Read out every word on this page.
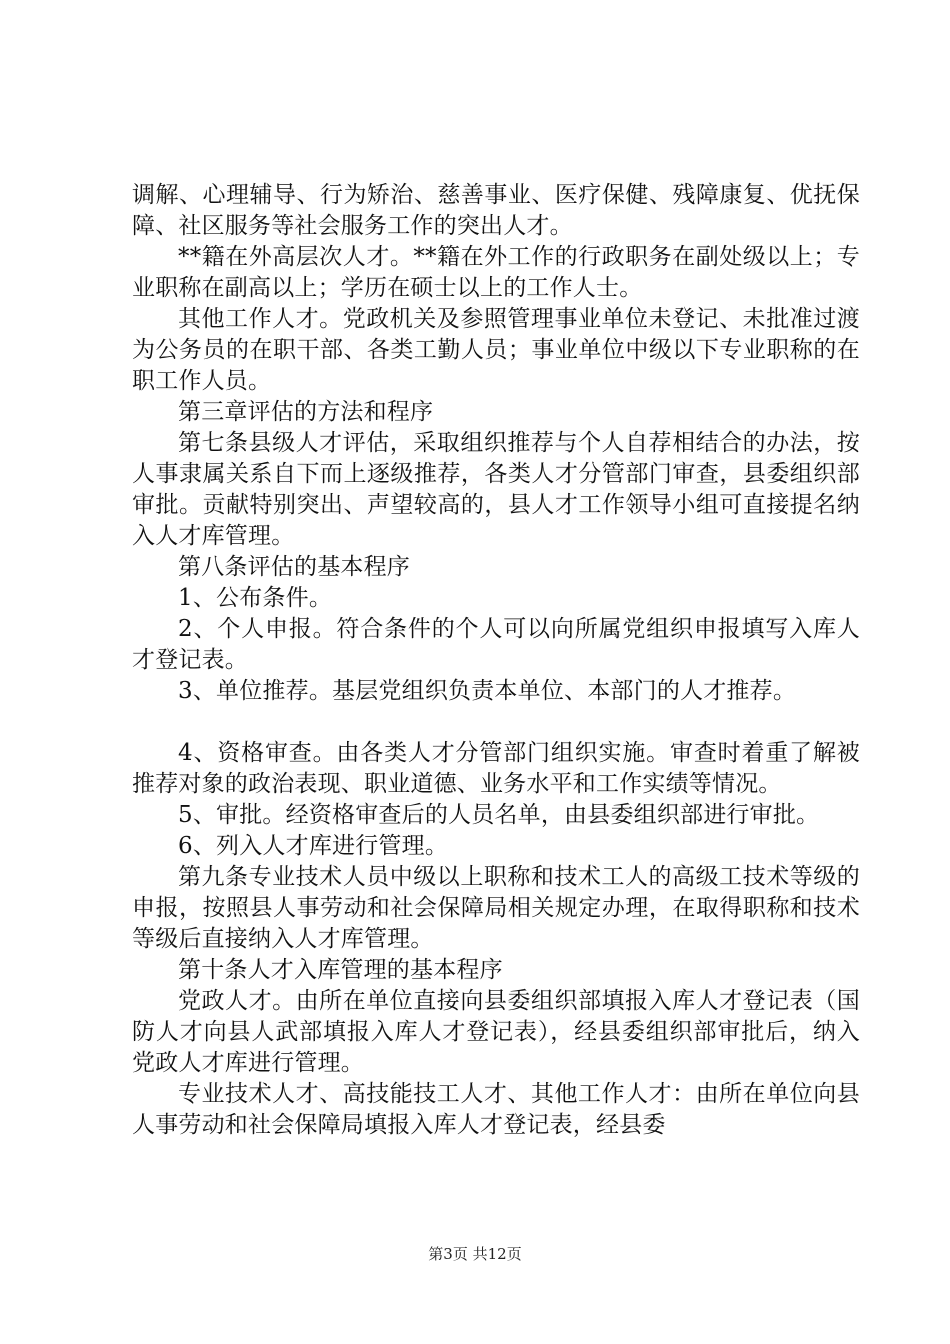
调解、心理辅导、行为矫治、慈善事业、医疗保健、残障康复、优抚保障、社区服务等社会服务工作的突出人才。

**籍在外高层次人才。**籍在外工作的行政职务在副处级以上；专业职称在副高以上；学历在硕士以上的工作人士。

其他工作人才。党政机关及参照管理事业单位未登记、未批准过渡为公务员的在职干部、各类工勤人员；事业单位中级以下专业职称的在职工作人员。

第三章评估的方法和程序

第七条县级人才评估，采取组织推荐与个人自荐相结合的办法，按人事隶属关系自下而上逐级推荐，各类人才分管部门审查，县委组织部审批。贡献特别突出、声望较高的，县人才工作领导小组可直接提名纳入人才库管理。

第八条评估的基本程序

1、公布条件。

2、个人申报。符合条件的个人可以向所属党组织申报填写入库人才登记表。

3、单位推荐。基层党组织负责本单位、本部门的人才推荐。

4、资格审查。由各类人才分管部门组织实施。审查时着重了解被推荐对象的政治表现、职业道德、业务水平和工作实绩等情况。

5、审批。经资格审查后的人员名单，由县委组织部进行审批。

6、列入人才库进行管理。

第九条专业技术人员中级以上职称和技术工人的高级工技术等级的申报，按照县人事劳动和社会保障局相关规定办理，在取得职称和技术等级后直接纳入人才库管理。

第十条人才入库管理的基本程序

党政人才。由所在单位直接向县委组织部填报入库人才登记表（国防人才向县人武部填报入库人才登记表），经县委组织部审批后，纳入党政人才库进行管理。

专业技术人才、高技能技工人才、其他工作人才：由所在单位向县人事劳动和社会保障局填报入库人才登记表，经县委

第3页 共12页
